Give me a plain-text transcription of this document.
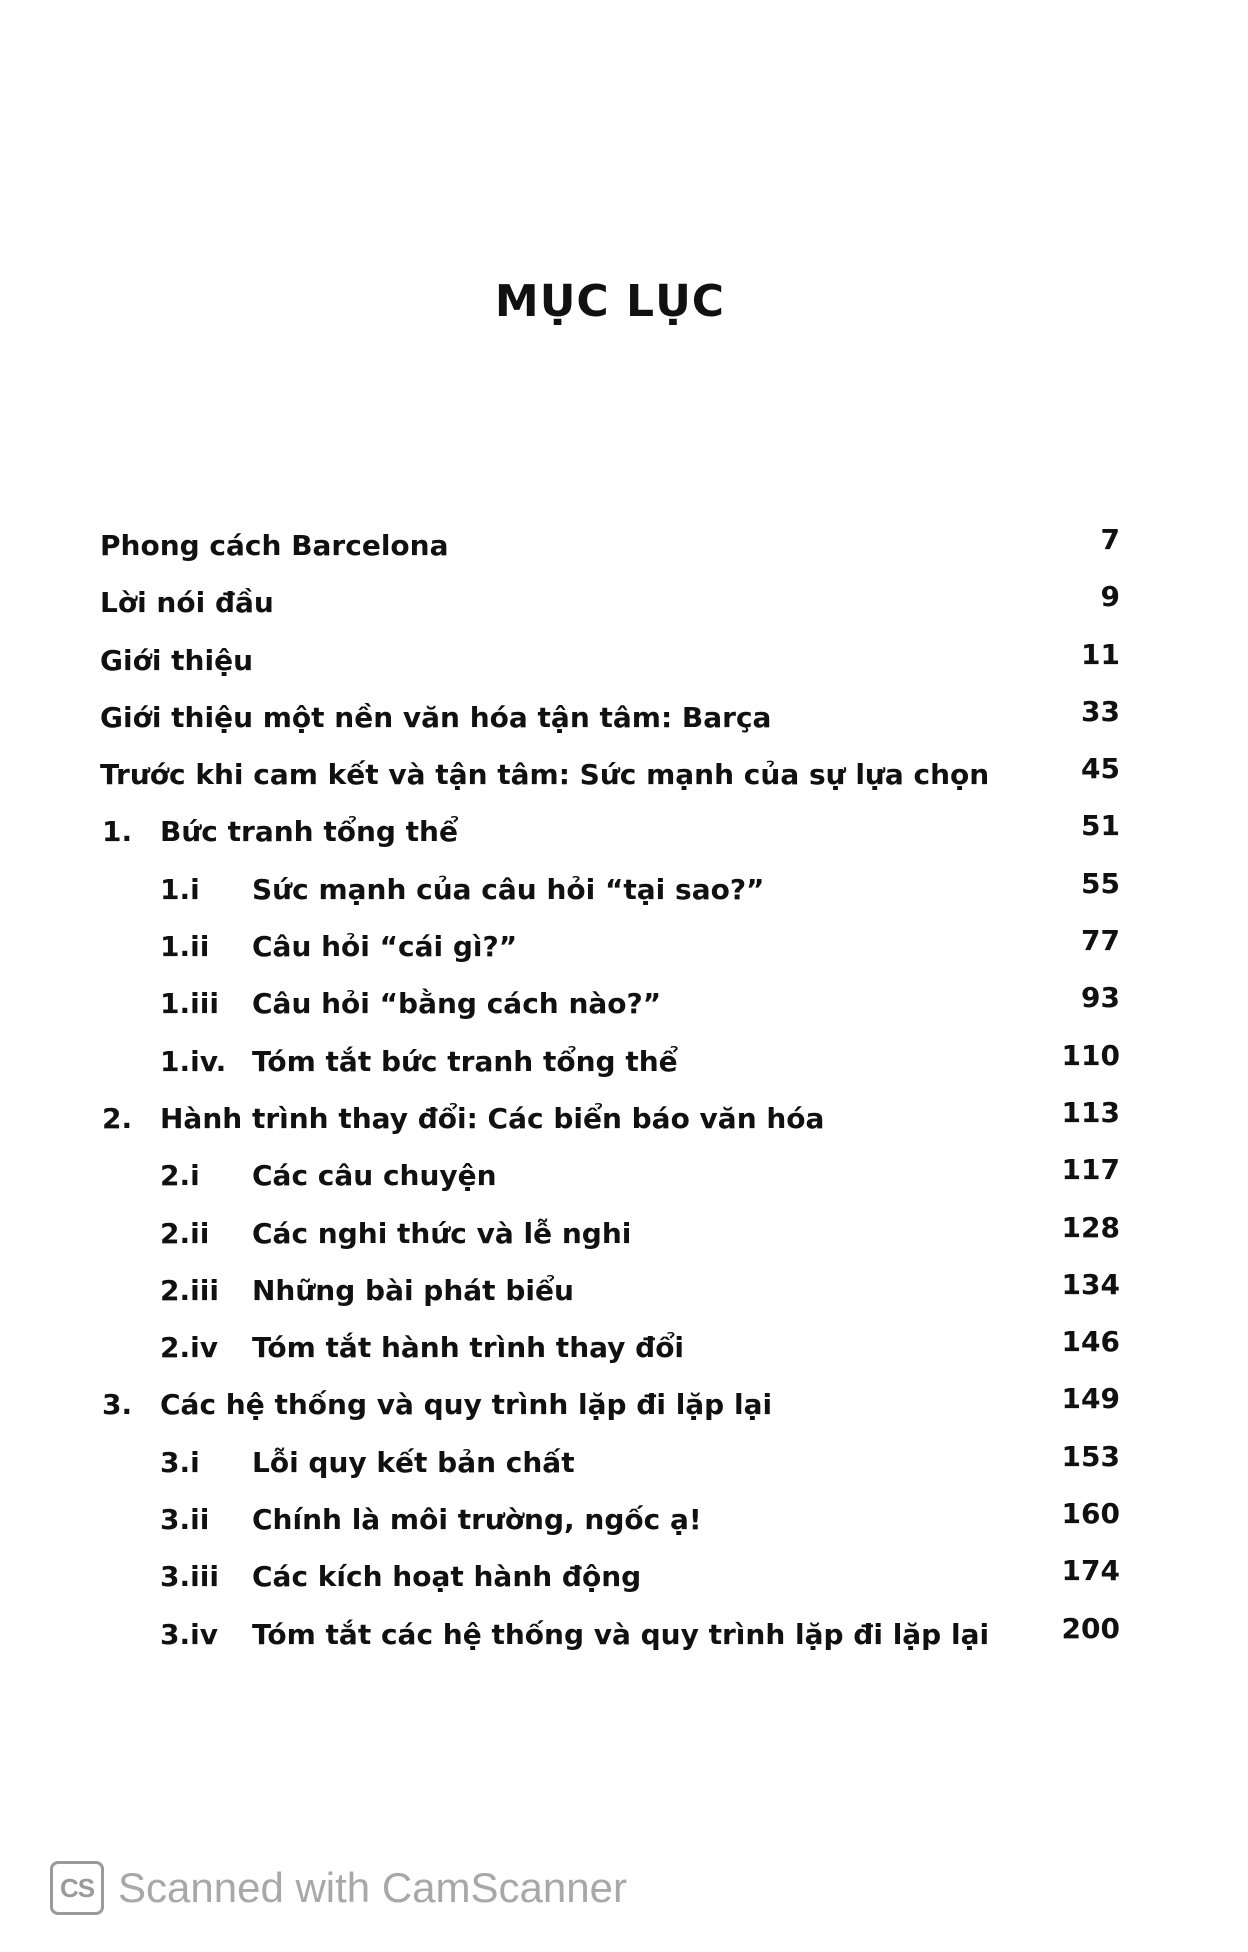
MỤC LỤC
Phong cách Barcelona	7
Lời nói đầu	9
Giới thiệu	11
Giới thiệu một nền văn hóa tận tâm: Barça	33
Trước khi cam kết và tận tâm: Sức mạnh của sự lựa chọn	45
1. Bức tranh tổng thể	51
1.i Sức mạnh của câu hỏi “tại sao?”	55
1.ii Câu hỏi “cái gì?”	77
1.iii Câu hỏi “bằng cách nào?”	93
1.iv. Tóm tắt bức tranh tổng thể	110
2. Hành trình thay đổi: Các biển báo văn hóa	113
2.i Các câu chuyện	117
2.ii Các nghi thức và lễ nghi	128
2.iii Những bài phát biểu	134
2.iv Tóm tắt hành trình thay đổi	146
3. Các hệ thống và quy trình lặp đi lặp lại	149
3.i Lỗi quy kết bản chất	153
3.ii Chính là môi trường, ngốc ạ!	160
3.iii Các kích hoạt hành động	174
3.iv Tóm tắt các hệ thống và quy trình lặp đi lặp lại	200
CS Scanned with CamScanner
